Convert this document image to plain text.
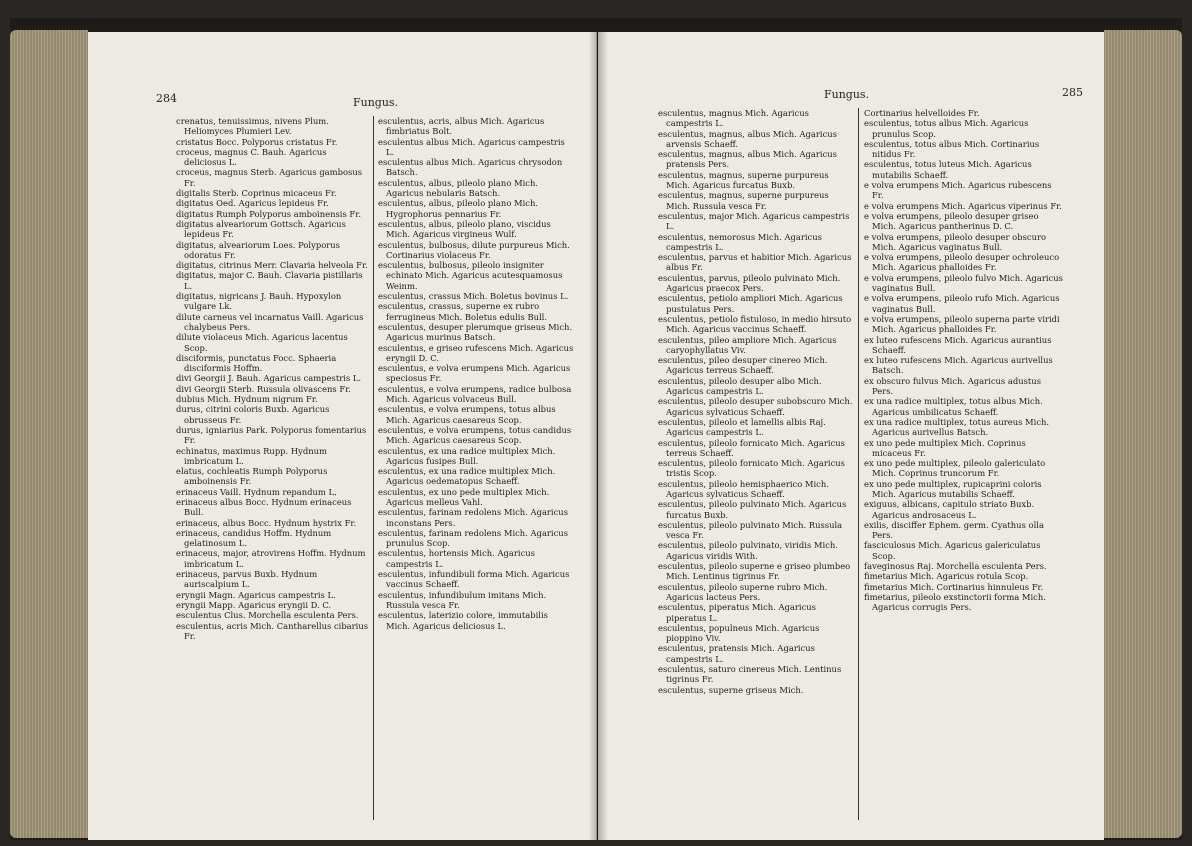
284	Fungus.

crenatus, tenuissimus, nivens Plum. Heliomyces Plumieri Lev.

cristatus Bocc. Polyporus cristatus Fr.

croceus, magnus C. Bauh. Agaricus deliciosus L.

croceus, magnus Sterb. Agaricus gambosus Fr.

digitalis Sterb. Coprinus micaceus Fr.

digitatus Oed. Agaricus lepideus Fr.

digitatus Rumph Polyporus amboinensis Fr.

digitatus alveariorum Gottsch. Agaricus lepideus Fr.

digitatus, alveariorum Loes. Polyporus odoratus Fr.

digitatus, citrinus Merr. Clavaria helveola Fr.

digitatus, major C. Bauh. Clavaria pistillaris L.

digitatus, nigricans J. Bauh. Hypoxylon vulgare Lk.

dilute carneus vel incarnatus Vaill. Agaricus chalybeus Pers.

dilute violaceus Mich. Agaricus lacentus Scop.

disciformis, punctatus Focc. Sphaeria disciformis Hoffm.

divi Georgii J. Bauh. Agaricus campestris L.

divi Georgii Sterb. Russula olivascens Fr.

dubius Mich. Hydnum nigrum Fr.

durus, citrini coloris Buxb. Agaricus obrusseus Fr.

durus, igniarius Park. Polyporus fomentarius Fr.

echinatus, maximus Rupp. Hydnum imbricatum L.

elatus, cochleatis Rumph Polyporus amboinensis Fr.

erinaceus Vaill. Hydnum repandum L.

erinaceus albus Bocc. Hydnum erinaceus Bull.

erinaceus, albus Bocc. Hydnum hystrix Fr.

erinaceus, candidus Hoffm. Hydnum gelatinosum L.

erinaceus, major, atrovirens Hoffm. Hydnum imbricatum L.

erinaceus, parvus Buxb. Hydnum auriscalpium L.

eryngii Magn. Agaricus campestris L.

eryngii Mapp. Agaricus eryngii D. C.

esculentus Clus. Morchella esculenta Pers.

esculentus, acris Mich. Cantharellus cibarius Fr.

esculentus, acris, albus Mich. Agaricus fimbriatus Bolt.

esculentus albus Mich. Agaricus campestris L.

esculentus albus Mich. Agaricus chrysodon Batsch.

esculentus, albus, pileolo plano Mich. Agaricus nebularis Batsch.

esculentus, albus, pileolo plano Mich. Hygrophorus pennarius Fr.

esculentus, albus, pileolo plano, viscidus Mich. Agaricus virgineus Wulf.

esculentus, bulbosus, dilute purpureus Mich. Cortinarius violaceus Fr.

esculentus, bulbosus, pileolo insigniter echinato Mich. Agaricus acutesquamosus Weinm.

esculentus, crassus Mich. Boletus bovinus L.

esculentus, crassus, superne ex rubro ferrugineus Mich. Boletus edulis Bull.

esculentus, desuper plerumque griseus Mich. Agaricus murinus Batsch.

esculentus, e griseo rufescens Mich. Agaricus eryngii D. C.

esculentus, e volva erumpens Mich. Agaricus speciosus Fr.

esculentus, e volva erumpens, radice bulbosa Mich. Agaricus volvaceus Bull.

esculentus, e volva erumpens, totus albus Mich. Agaricus caesareus Scop.

esculentus, e volva erumpens, totus candidus Mich. Agaricus caesareus Scop.

esculentus, ex una radice multiplex Mich. Agaricus fusipes Bull.

esculentus, ex una radice multiplex Mich. Agaricus oedematopus Schaeff.

esculentus, ex uno pede multiplex Mich. Agaricus melleus Vahl.

esculentus, farinam redolens Mich. Agaricus inconstans Pers.

esculentus, farinam redolens Mich. Agaricus prunulus Scop.

esculentus, hortensis Mich. Agaricus campestris L.

esculentus, infundibuli forma Mich. Agaricus vaccinus Schaeff.

esculentus, infundibulum imitans Mich. Russula vesca Fr.

esculentus, laterizio colore, immutabilis Mich. Agaricus deliciosus L.

Fungus.	285

esculentus, magnus Mich. Agaricus campestris L.

esculentus, magnus, albus Mich. Agaricus arvensis Schaeff.

esculentus, magnus, albus Mich. Agaricus pratensis Pers.

esculentus, magnus, superne purpureus Mich. Agaricus furcatus Buxb.

esculentus, magnus, superne purpureus Mich. Russula vesca Fr.

esculentus, major Mich. Agaricus campestris L.

esculentus, nemorosus Mich. Agaricus campestris L.

esculentus, parvus et habitior Mich. Agaricus albus Fr.

esculentus, parvus, pileolo pulvinato Mich. Agaricus praecox Pers.

esculentus, petiolo ampliori Mich. Agaricus pustulatus Pers.

esculentus, petiolo fistuloso, in medio hirsuto Mich. Agaricus vaccinus Schaeff.

esculentus, pileo ampliore Mich. Agaricus caryophyllatus Viv.

esculentus, pileo desuper cinereo Mich. Agaricus terreus Schaeff.

esculentus, pileolo desuper albo Mich. Agaricus campestris L.

esculentus, pileolo desuper subobscuro Mich. Agaricus sylvaticus Schaeff.

esculentus, pileolo et lamellis albis Raj. Agaricus campestris L.

esculentus, pileolo fornicato Mich. Agaricus terreus Schaeff.

esculentus, pileolo fornicato Mich. Agaricus tristis Scop.

esculentus, pileolo hemisphaerico Mich. Agaricus sylvaticus Schaeff.

esculentus, pileolo pulvinato Mich. Agaricus furcatus Buxb.

esculentus, pileolo pulvinato Mich. Russula vesca Fr.

esculentus, pileolo pulvinato, viridis Mich. Agaricus viridis With.

esculentus, pileolo superne e griseo plumbeo Mich. Lentinus tigrinus Fr.

esculentus, pileolo superne rubro Mich. Agaricus lacteus Pers.

esculentus, piperatus Mich. Agaricus piperatus L.

esculentus, populneus Mich. Agaricus pioppino Viv.

esculentus, pratensis Mich. Agaricus campestris L.

esculentus, saturo cinereus Mich. Lentinus tigrinus Fr.

esculentus, superne griseus Mich.

Cortinarius helvelloides Fr.

esculentus, totus albus Mich. Agaricus prunulus Scop.

esculentus, totus albus Mich. Cortinarius nitidus Fr.

esculentus, totus luteus Mich. Agaricus mutabilis Schaeff.

e volva erumpens Mich. Agaricus rubescens Fr.

e volva erumpens Mich. Agaricus viperinus Fr.

e volva erumpens, pileolo desuper griseo Mich. Agaricus pantherinus D. C.

e volva erumpens, pileolo desuper obscuro Mich. Agaricus vaginatus Bull.

e volva erumpens, pileolo desuper ochroleuco Mich. Agaricus phalloides Fr.

e volva erumpens, pileolo fulvo Mich. Agaricus vaginatus Bull.

e volva erumpens, pileolo rufo Mich. Agaricus vaginatus Bull.

e volva erumpens, pileolo superna parte viridi Mich. Agaricus phalloides Fr.

ex luteo rufescens Mich. Agaricus aurantius Schaeff.

ex luteo rufescens Mich. Agaricus aurivellus Batsch.

ex obscuro fulvus Mich. Agaricus adustus Pers.

ex una radice multiplex, totus albus Mich. Agaricus umbilicatus Schaeff.

ex una radice multiplex, totus aureus Mich. Agaricus aurivellus Batsch.

ex uno pede multiplex Mich. Coprinus micaceus Fr.

ex uno pede multiplex, pileolo galericulato Mich. Coprinus truncorum Fr.

ex uno pede multiplex, rupicaprini coloris Mich. Agaricus mutabilis Schaeff.

exiguus, albicans, capitulo striato Buxb. Agaricus androsaceus L.

exilis, disciffer Ephem. germ. Cyathus olla Pers.

fasciculosus Mich. Agaricus galericulatus Scop.

faveginosus Raj. Morchella esculenta Pers.

fimetarius Mich. Agaricus rotula Scop.

fimetarius Mich. Cortinarius hinnuleus Fr.

fimetarius, pileolo exstinctorii forma Mich. Agaricus corrugis Pers.
